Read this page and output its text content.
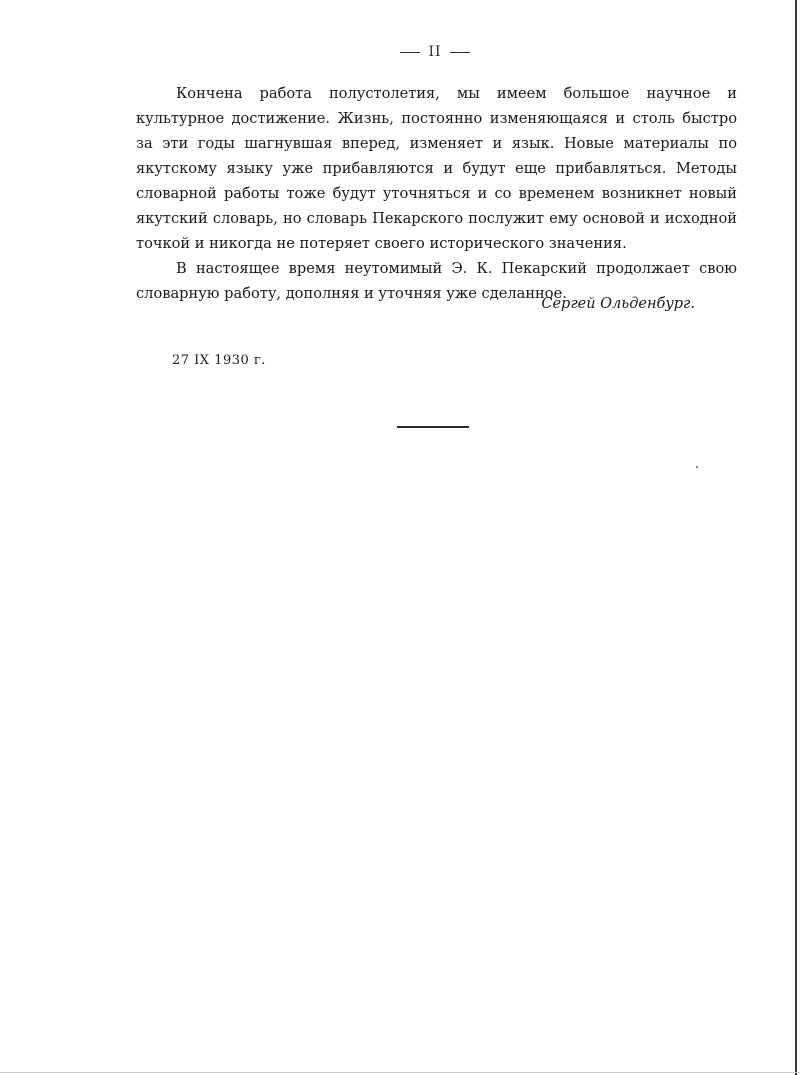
II

Кончена работа полустолетия, мы имеем большое научное и культурное достижение. Жизнь, постоянно изменяющаяся и столь быстро за эти годы шагнувшая вперед, изменяет и язык. Новые материалы по якутскому языку уже прибавляются и будут еще прибавляться. Методы словарной работы тоже будут уточняться и со временем возникнет новый якутский словарь, но словарь Пекарского послужит ему основой и исходной точкой и никогда не потеряет своего исторического значения.

В настоящее время неутомимый Э. К. Пекарский продолжает свою словарную работу, дополняя и уточняя уже сделанное.

Сергей Ольденбург.
27 IX 1930 г.
